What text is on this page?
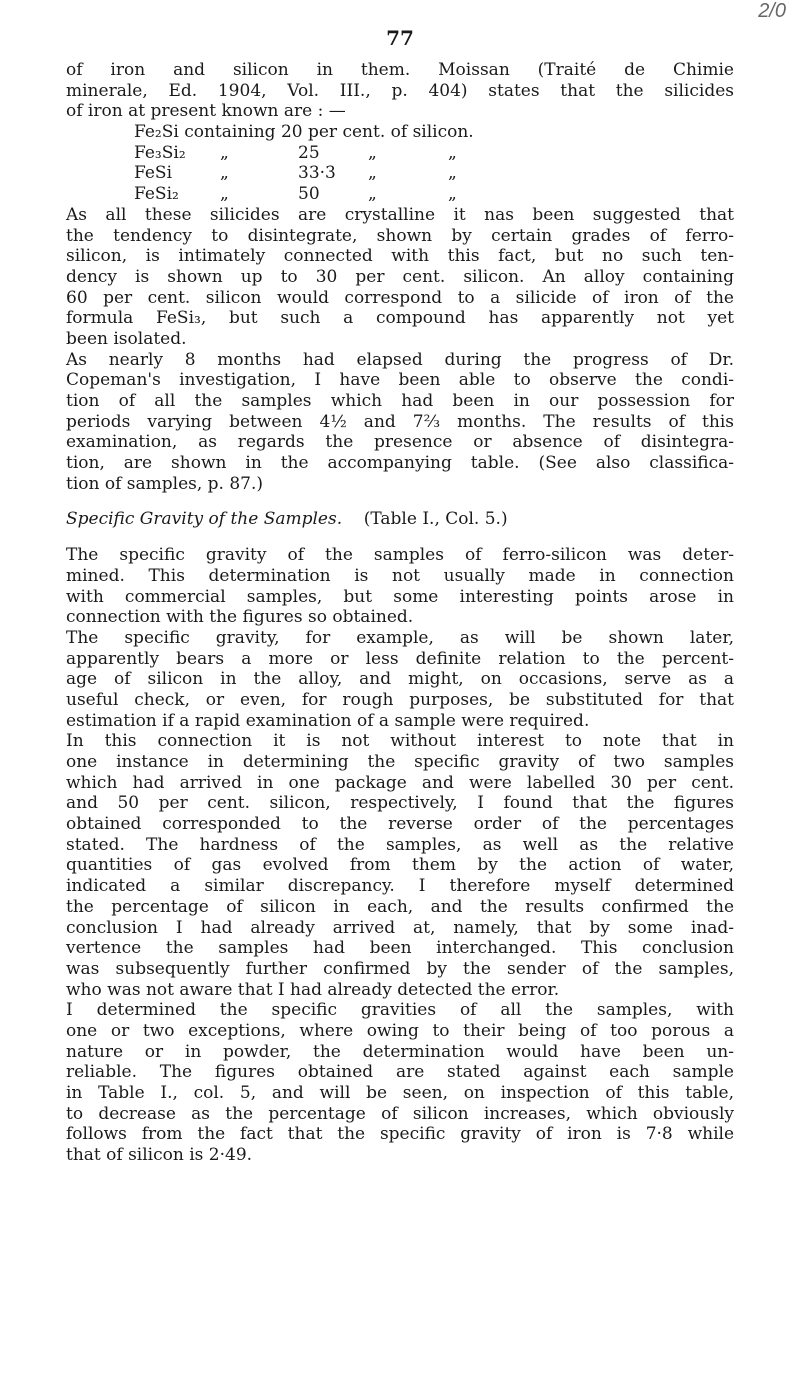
2/0
77
of iron and silicon in them. Moissan (Traité de Chimie
minerale, Ed. 1904, Vol. III., p. 404) states that the silicides
of iron at present known are : —
Fe₂Si containing 20 per cent. of silicon.
Fe₃Si₂ „	25	„	„
FeSi	„	33·3	„	„
FeSi₂	„	50	„	„
As all these silicides are crystalline it nas been suggested that
the tendency to disintegrate, shown by certain grades of ferro-
silicon, is intimately connected with this fact, but no such ten-
dency is shown up to 30 per cent. silicon. An alloy containing
60 per cent. silicon would correspond to a silicide of iron of the
formula FeSi₃, but such a compound has apparently not yet
been isolated.
As nearly 8 months had elapsed during the progress of Dr.
Copeman's investigation, I have been able to observe the condi-
tion of all the samples which had been in our possession for
periods varying between 4½ and 7⅔ months. The results of this
examination, as regards the presence or absence of disintegra-
tion, are shown in the accompanying table. (See also classifica-
tion of samples, p. 87.)
Specific Gravity of the Samples. (Table I., Col. 5.)
The specific gravity of the samples of ferro-silicon was deter-
mined. This determination is not usually made in connection
with commercial samples, but some interesting points arose in
connection with the figures so obtained.
The specific gravity, for example, as will be shown later,
apparently bears a more or less definite relation to the percent-
age of silicon in the alloy, and might, on occasions, serve as a
useful check, or even, for rough purposes, be substituted for that
estimation if a rapid examination of a sample were required.
In this connection it is not without interest to note that in
one instance in determining the specific gravity of two samples
which had arrived in one package and were labelled 30 per cent.
and 50 per cent. silicon, respectively, I found that the figures
obtained corresponded to the reverse order of the percentages
stated. The hardness of the samples, as well as the relative
quantities of gas evolved from them by the action of water,
indicated a similar discrepancy. I therefore myself determined
the percentage of silicon in each, and the results confirmed the
conclusion I had already arrived at, namely, that by some inad-
vertence the samples had been interchanged. This conclusion
was subsequently further confirmed by the sender of the samples,
who was not aware that I had already detected the error.
I determined the specific gravities of all the samples, with
one or two exceptions, where owing to their being of too porous a
nature or in powder, the determination would have been un-
reliable. The figures obtained are stated against each sample
in Table I., col. 5, and will be seen, on inspection of this table,
to decrease as the percentage of silicon increases, which obviously
follows from the fact that the specific gravity of iron is 7·8 while
that of silicon is 2·49.
